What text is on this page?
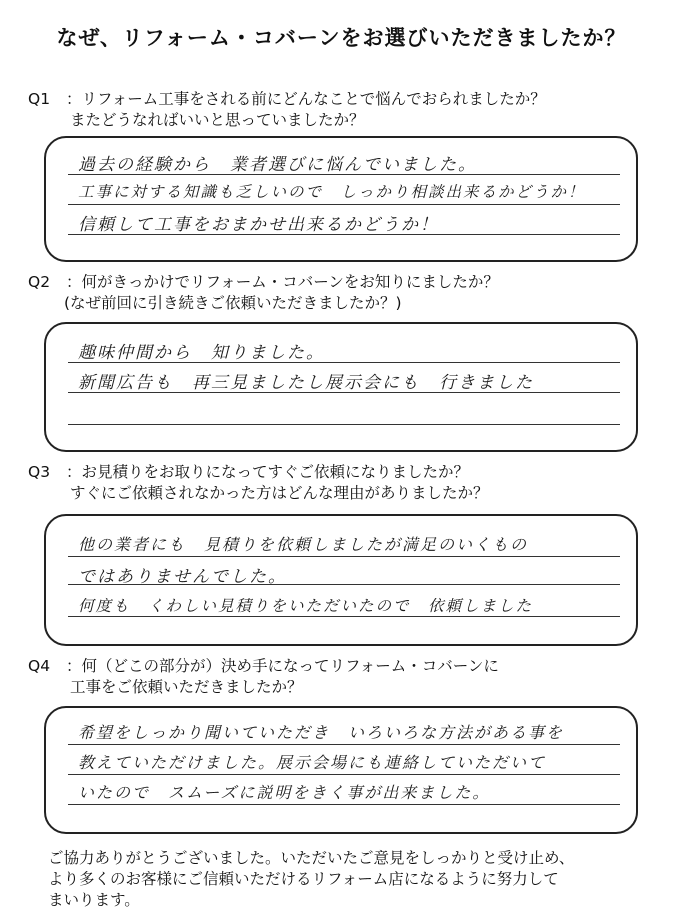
なぜ、リフォーム・コバーンをお選びいただきましたか？
Q1 ：リフォーム工事をされる前にどんなことで悩んでおられましたか？
またどうなればいいと思っていましたか？
過去の経験から　業者選びに悩んでいました。
工事に対する知識も乏しいので　しっかり相談出来るかどうか！
信頼して工事をおまかせ出来るかどうか！
Q2 ：何がきっかけでリフォーム・コバーンをお知りにましたか？
(なぜ前回に引き続きご依頼いただきましたか？)
趣味仲間から　知りました。
新聞広告も　再三見ましたし展示会にも　行きました
Q3 ：お見積りをお取りになってすぐご依頼になりましたか？
すぐにご依頼されなかった方はどんな理由がありましたか？
他の業者にも　見積りを依頼しましたが満足のいくもの
ではありませんでした。
何度も　くわしい見積りをいただいたので　依頼しました
Q4 ：何（どこの部分が）決め手になってリフォーム・コバーンに
工事をご依頼いただきましたか？
希望をしっかり聞いていただき　いろいろな方法がある事を
教えていただけました。展示会場にも連絡していただいて
いたので　スムーズに説明をきく事が出来ました。
ご協力ありがとうございました。いただいたご意見をしっかりと受け止め、
より多くのお客様にご信頼いただけるリフォーム店になるように努力して
まいります。
